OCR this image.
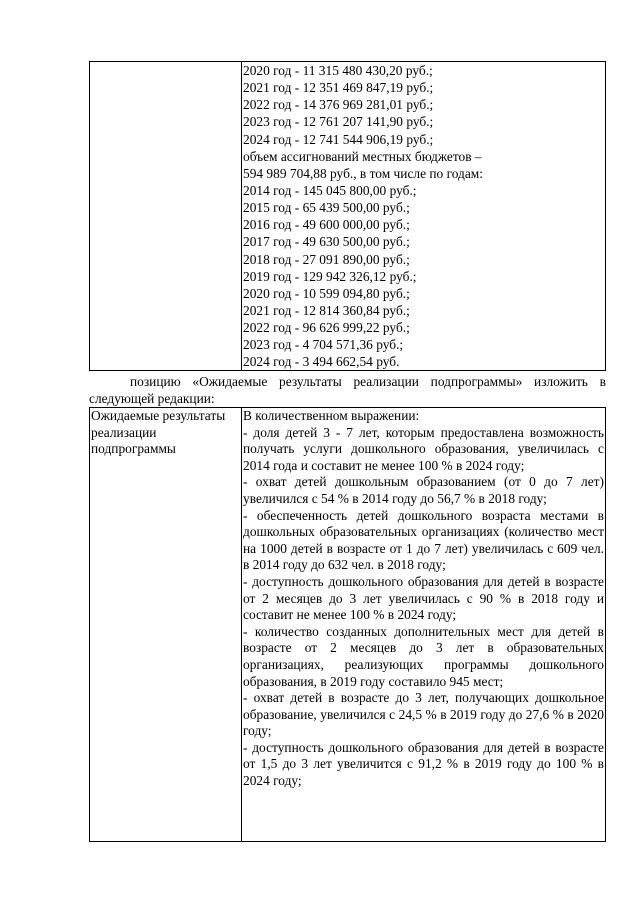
2020 год - 11 315 480 430,20 руб.;
2021 год - 12 351 469 847,19 руб.;
2022 год - 14 376 969 281,01 руб.;
2023 год - 12 761 207 141,90 руб.;
2024 год - 12 741 544 906,19 руб.;
объем ассигнований местных бюджетов –
594 989 704,88 руб., в том числе по годам:
2014 год - 145 045 800,00 руб.;
2015 год - 65 439 500,00 руб.;
2016 год - 49 600 000,00 руб.;
2017 год - 49 630 500,00 руб.;
2018 год - 27 091 890,00 руб.;
2019 год - 129 942 326,12 руб.;
2020 год - 10 599 094,80 руб.;
2021 год - 12 814 360,84 руб.;
2022 год - 96 626 999,22 руб.;
2023 год - 4 704 571,36 руб.;
2024 год - 3 494 662,54 руб.

позицию «Ожидаемые результаты реализации подпрограммы» изложить в следующей редакции:

Ожидаемые результаты реализации подпрограммы

В количественном выражении:

- доля детей 3 - 7 лет, которым предоставлена возможность получать услуги дошкольного образования, увеличилась с 2014 года и составит не менее 100 % в 2024 году;

- охват детей дошкольным образованием (от 0 до 7 лет) увеличился с 54 % в 2014 году до 56,7 % в 2018 году;

- обеспеченность детей дошкольного возраста местами в дошкольных образовательных организациях (количество мест на 1000 детей в возрасте от 1 до 7 лет) увеличилась с 609 чел. в 2014 году до 632 чел. в 2018 году;

- доступность дошкольного образования для детей в возрасте от 2 месяцев до 3 лет увеличилась с 90 % в 2018 году и составит не менее 100 % в 2024 году;

- количество созданных дополнительных мест для детей в возрасте от 2 месяцев до 3 лет в образовательных организациях, реализующих программы дошкольного образования, в 2019 году составило 945 мест;

- охват детей в возрасте до 3 лет, получающих дошкольное образование, увеличился с 24,5 % в 2019 году до 27,6 % в 2020 году;

- доступность дошкольного образования для детей в возрасте от 1,5 до 3 лет увеличится с 91,2 % в 2019 году до 100 % в 2024 году;
